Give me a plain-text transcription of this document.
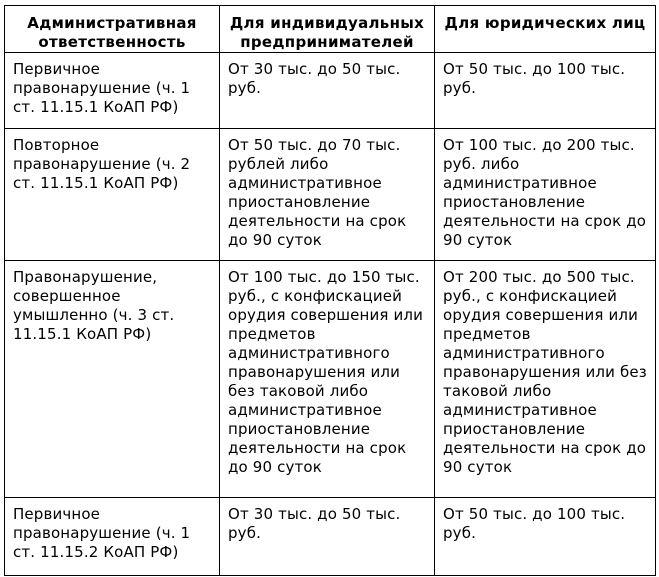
Административная ответственность	Для индивидуальных предпринимателей	Для юридических лиц
Первичное правонарушение (ч. 1 ст. 11.15.1 КоАП РФ)	От 30 тыс. до 50 тыс. руб.	От 50 тыс. до 100 тыс. руб.
Повторное правонарушение (ч. 2 ст. 11.15.1 КоАП РФ)	От 50 тыс. до 70 тыс. рублей либо административное приостановление деятельности на срок до 90 суток	От 100 тыс. до 200 тыс. руб. либо административное приостановление деятельности на срок до 90 суток
Правонарушение, совершенное умышленно (ч. 3 ст. 11.15.1 КоАП РФ)	От 100 тыс. до 150 тыс. руб., с конфискацией орудия совершения или предметов административного правонарушения или без таковой либо административное приостановление деятельности на срок до 90 суток	От 200 тыс. до 500 тыс. руб., с конфискацией орудия совершения или предметов административного правонарушения или без таковой либо административное приостановление деятельности на срок до 90 суток
Первичное правонарушение (ч. 1 ст. 11.15.2 КоАП РФ)	От 30 тыс. до 50 тыс. руб.	От 50 тыс. до 100 тыс. руб.
